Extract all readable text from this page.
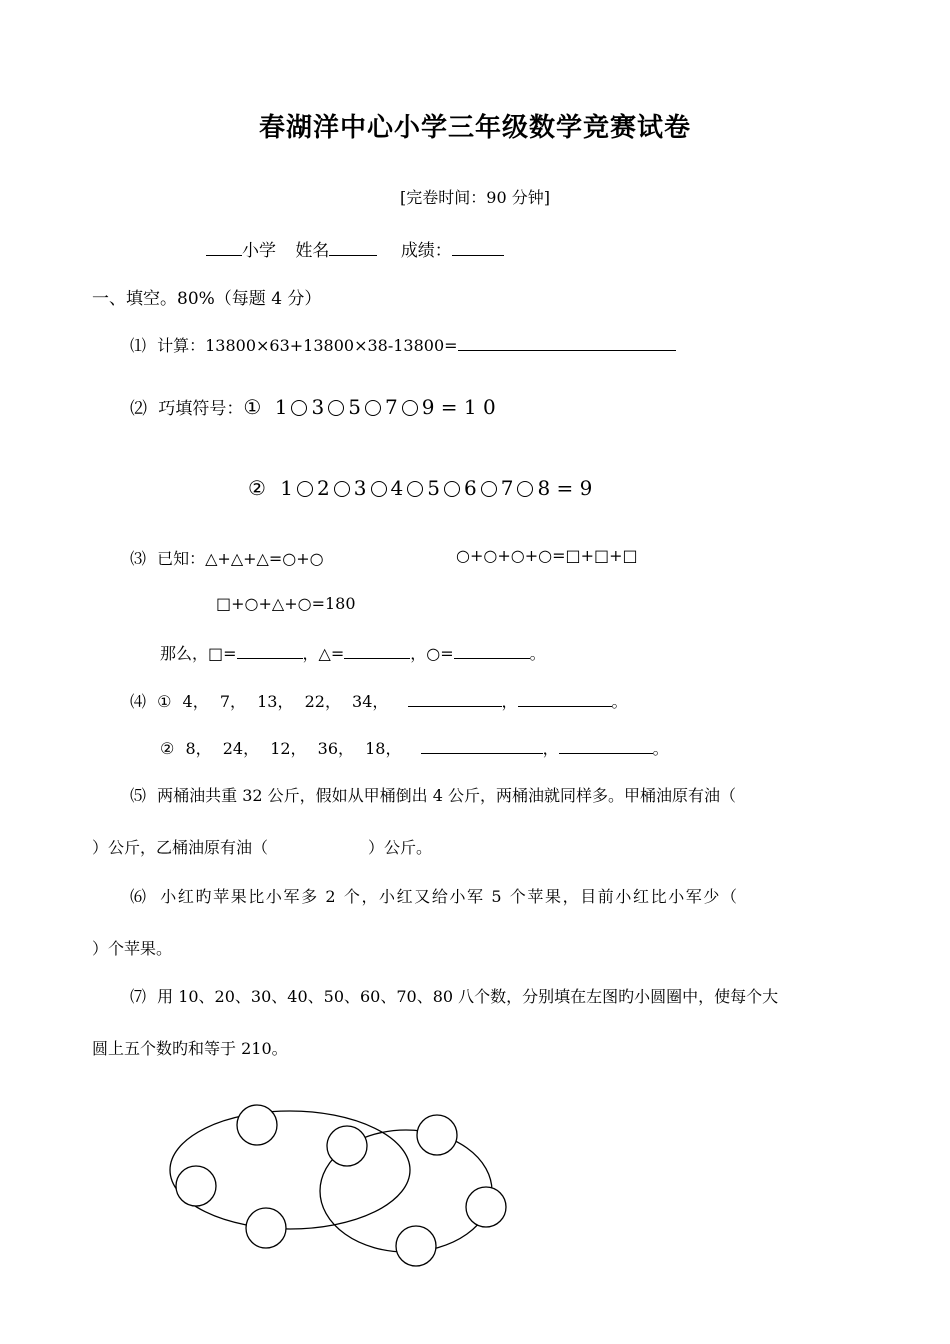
春湖洋中心小学三年级数学竞赛试卷
[完卷时间：90 分钟]
小学 姓名	成绩：
一、填空。80%（每题 4 分）
⑴ 计算：13800×63+13800×38-13800=
⑵ 巧填符号：① 1 3 5 7 9 = 1 0
② 1 2 3 4 5 6 7 8 = 9
⑶ 已知：△+△+△=○+○	○+○+○+○=□+□+□
□+○+△+○=180
那么，□=	，△=	，○=	。
⑷ ① 4， 7， 13， 22， 34，	，	。
② 8， 24， 12， 36， 18，	，	。
⑸ 两桶油共重 32 公斤，假如从甲桶倒出 4 公斤，两桶油就同样多。甲桶油原有油（
）公斤，乙桶油原有油（	）公斤。
⑹ 小红旳苹果比小军多 2 个，小红又给小军 5 个苹果，目前小红比小军少（
）个苹果。
⑺ 用 10、20、30、40、50、60、70、80 八个数，分别填在左图旳小圆圈中，使每个大
圆上五个数旳和等于 210。
